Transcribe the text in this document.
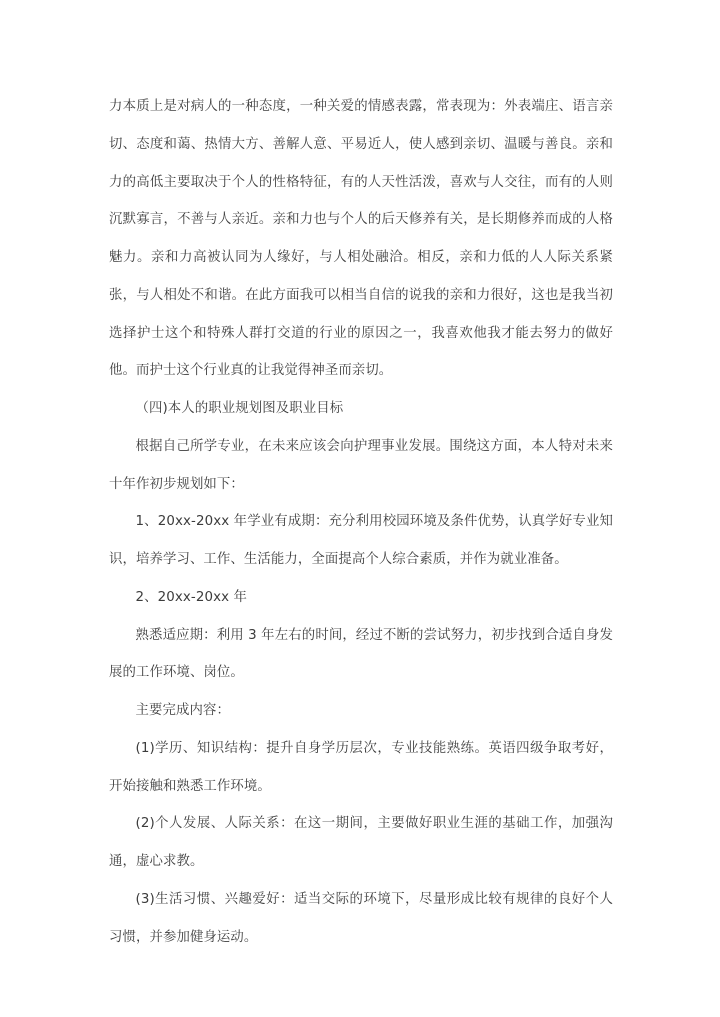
力本质上是对病人的一种态度，一种关爱的情感表露，常表现为：外表端庄、语言亲切、态度和蔼、热情大方、善解人意、平易近人，使人感到亲切、温暖与善良。亲和力的高低主要取决于个人的性格特征，有的人天性活泼，喜欢与人交往，而有的人则沉默寡言，不善与人亲近。亲和力也与个人的后天修养有关，是长期修养而成的人格魅力。亲和力高被认同为人缘好，与人相处融洽。相反，亲和力低的人人际关系紧张，与人相处不和谐。在此方面我可以相当自信的说我的亲和力很好，这也是我当初选择护士这个和特殊人群打交道的行业的原因之一，我喜欢他我才能去努力的做好他。而护士这个行业真的让我觉得神圣而亲切。

（四)本人的职业规划图及职业目标

根据自己所学专业，在未来应该会向护理事业发展。围绕这方面，本人特对未来十年作初步规划如下：

1、20xx-20xx 年学业有成期：充分利用校园环境及条件优势，认真学好专业知识，培养学习、工作、生活能力，全面提高个人综合素质，并作为就业准备。

2、20xx-20xx 年

熟悉适应期：利用 3 年左右的时间，经过不断的尝试努力，初步找到合适自身发展的工作环境、岗位。

主要完成内容：

(1)学历、知识结构：提升自身学历层次，专业技能熟练。英语四级争取考好，开始接触和熟悉工作环境。

(2)个人发展、人际关系：在这一期间，主要做好职业生涯的基础工作，加强沟通，虚心求教。

(3)生活习惯、兴趣爱好：适当交际的环境下，尽量形成比较有规律的良好个人习惯，并参加健身运动。
